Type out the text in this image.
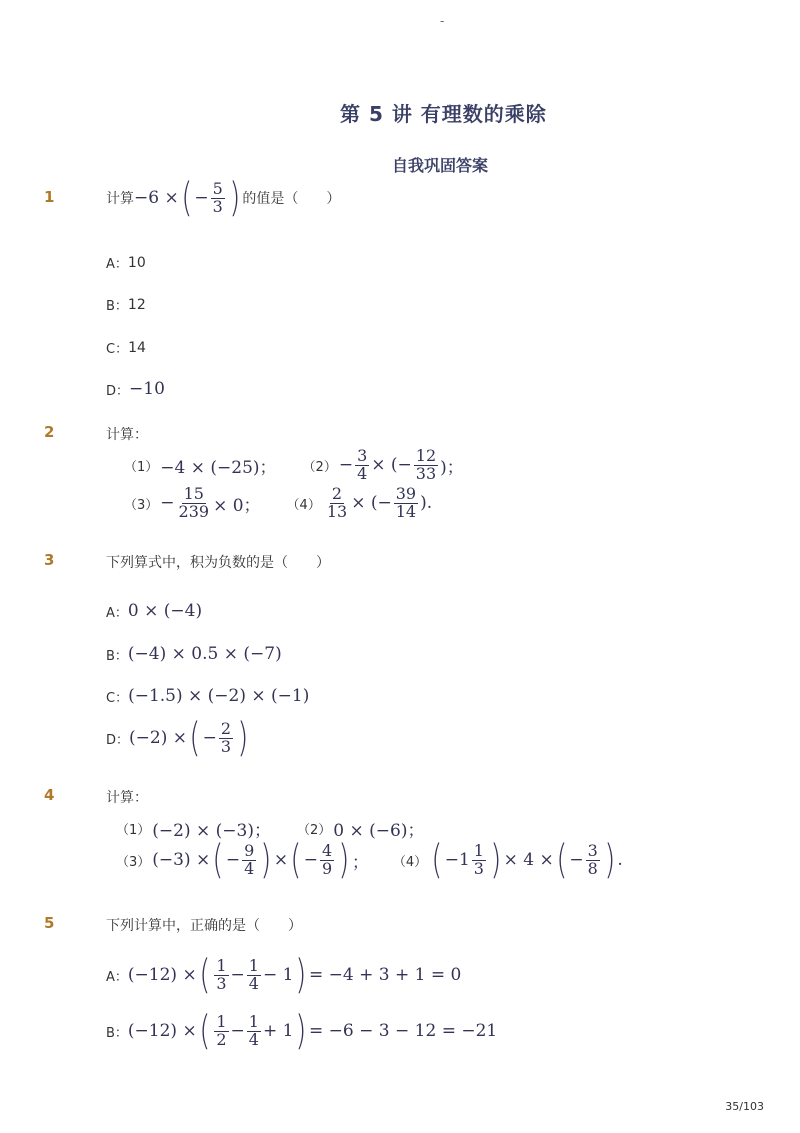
-
第 5 讲 有理数的乘除
自我巩固答案
1	计算 −6 × ( − $\frac{5}{3}$ ) 的值是（　　）
A： 10
B： 12
C： 14
D： −10
2	计算：
（1） −4 × (−25)； $(2) - \frac{3}{4}$ × (− $\frac{12}{33}$ )；
$(3) - \frac{15}{239} \times 0$； $(4) \frac{2}{13}$ × (− $\frac{39}{14}$ ).
3	下列算式中，积为负数的是（　　）
A： 0 × (−4)
B： (−4) × 0.5 × (−7)
C： (−1.5) × (−2) × (−1)
D： (−2) × ( − $\frac{2}{3}$ )
4	计算：
（1） (−2) × (−3)； （2） 0 × (−6)；
（3） (−3) × ( − $\frac{9}{4}$ ) × ( − $\frac{4}{9}$ ) ； （4） ( $-1 \frac{1}{3}$ ) × 4 × ( − $\frac{3}{8}$ ) .
5	下列计算中，正确的是（　　）
A： (−12) × ( $\frac{1}{3} - \frac{1}{4} - 1$ ) = −4 + 3 + 1 = 0
B： (−12) × ( $\frac{1}{2} - \frac{1}{4} + 1$ ) = −6 − 3 − 12 = −21
35/103
